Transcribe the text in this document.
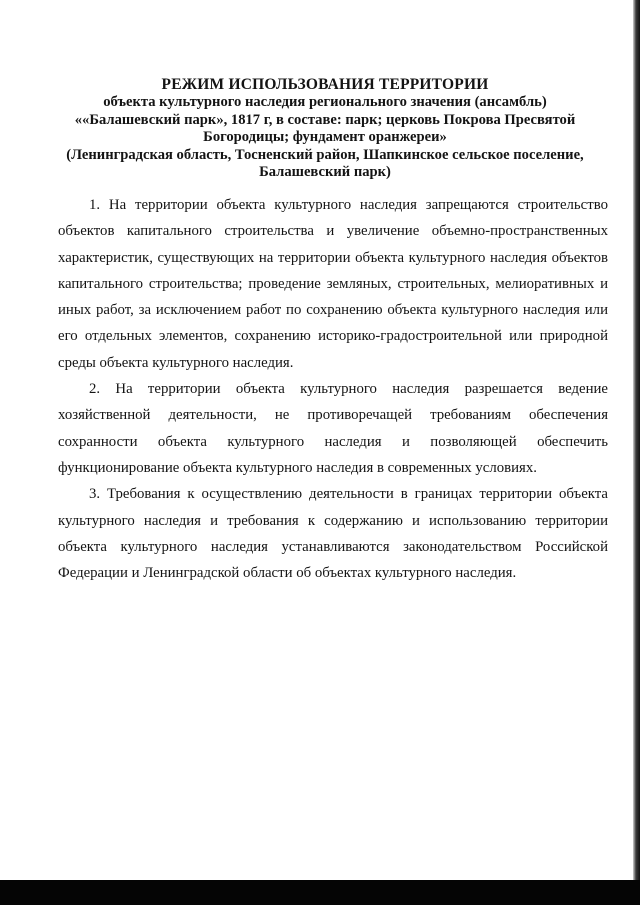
РЕЖИМ ИСПОЛЬЗОВАНИЯ ТЕРРИТОРИИ

объекта культурного наследия регионального значения (ансамбль)

««Балашевский парк», 1817 г, в составе: парк; церковь Покрова Пресвятой

Богородицы; фундамент оранжереи»

(Ленинградская область, Тосненский район, Шапкинское сельское поселение,

Балашевский парк)

1. На территории объекта культурного наследия запрещаются строительство объектов капитального строительства и увеличение объемно-пространственных характеристик, существующих на территории объекта культурного наследия объектов капитального строительства; проведение земляных, строительных, мелиоративных и иных работ, за исключением работ по сохранению объекта культурного наследия или его отдельных элементов, сохранению историко-градостроительной или природной среды объекта культурного наследия.

2. На территории объекта культурного наследия разрешается ведение хозяйственной деятельности, не противоречащей требованиям обеспечения сохранности объекта культурного наследия и позволяющей обеспечить функционирование объекта культурного наследия в современных условиях.

3. Требования к осуществлению деятельности в границах территории объекта культурного наследия и требования к содержанию и использованию территории объекта культурного наследия устанавливаются законодательством Российской Федерации и Ленинградской области об объектах культурного наследия.
